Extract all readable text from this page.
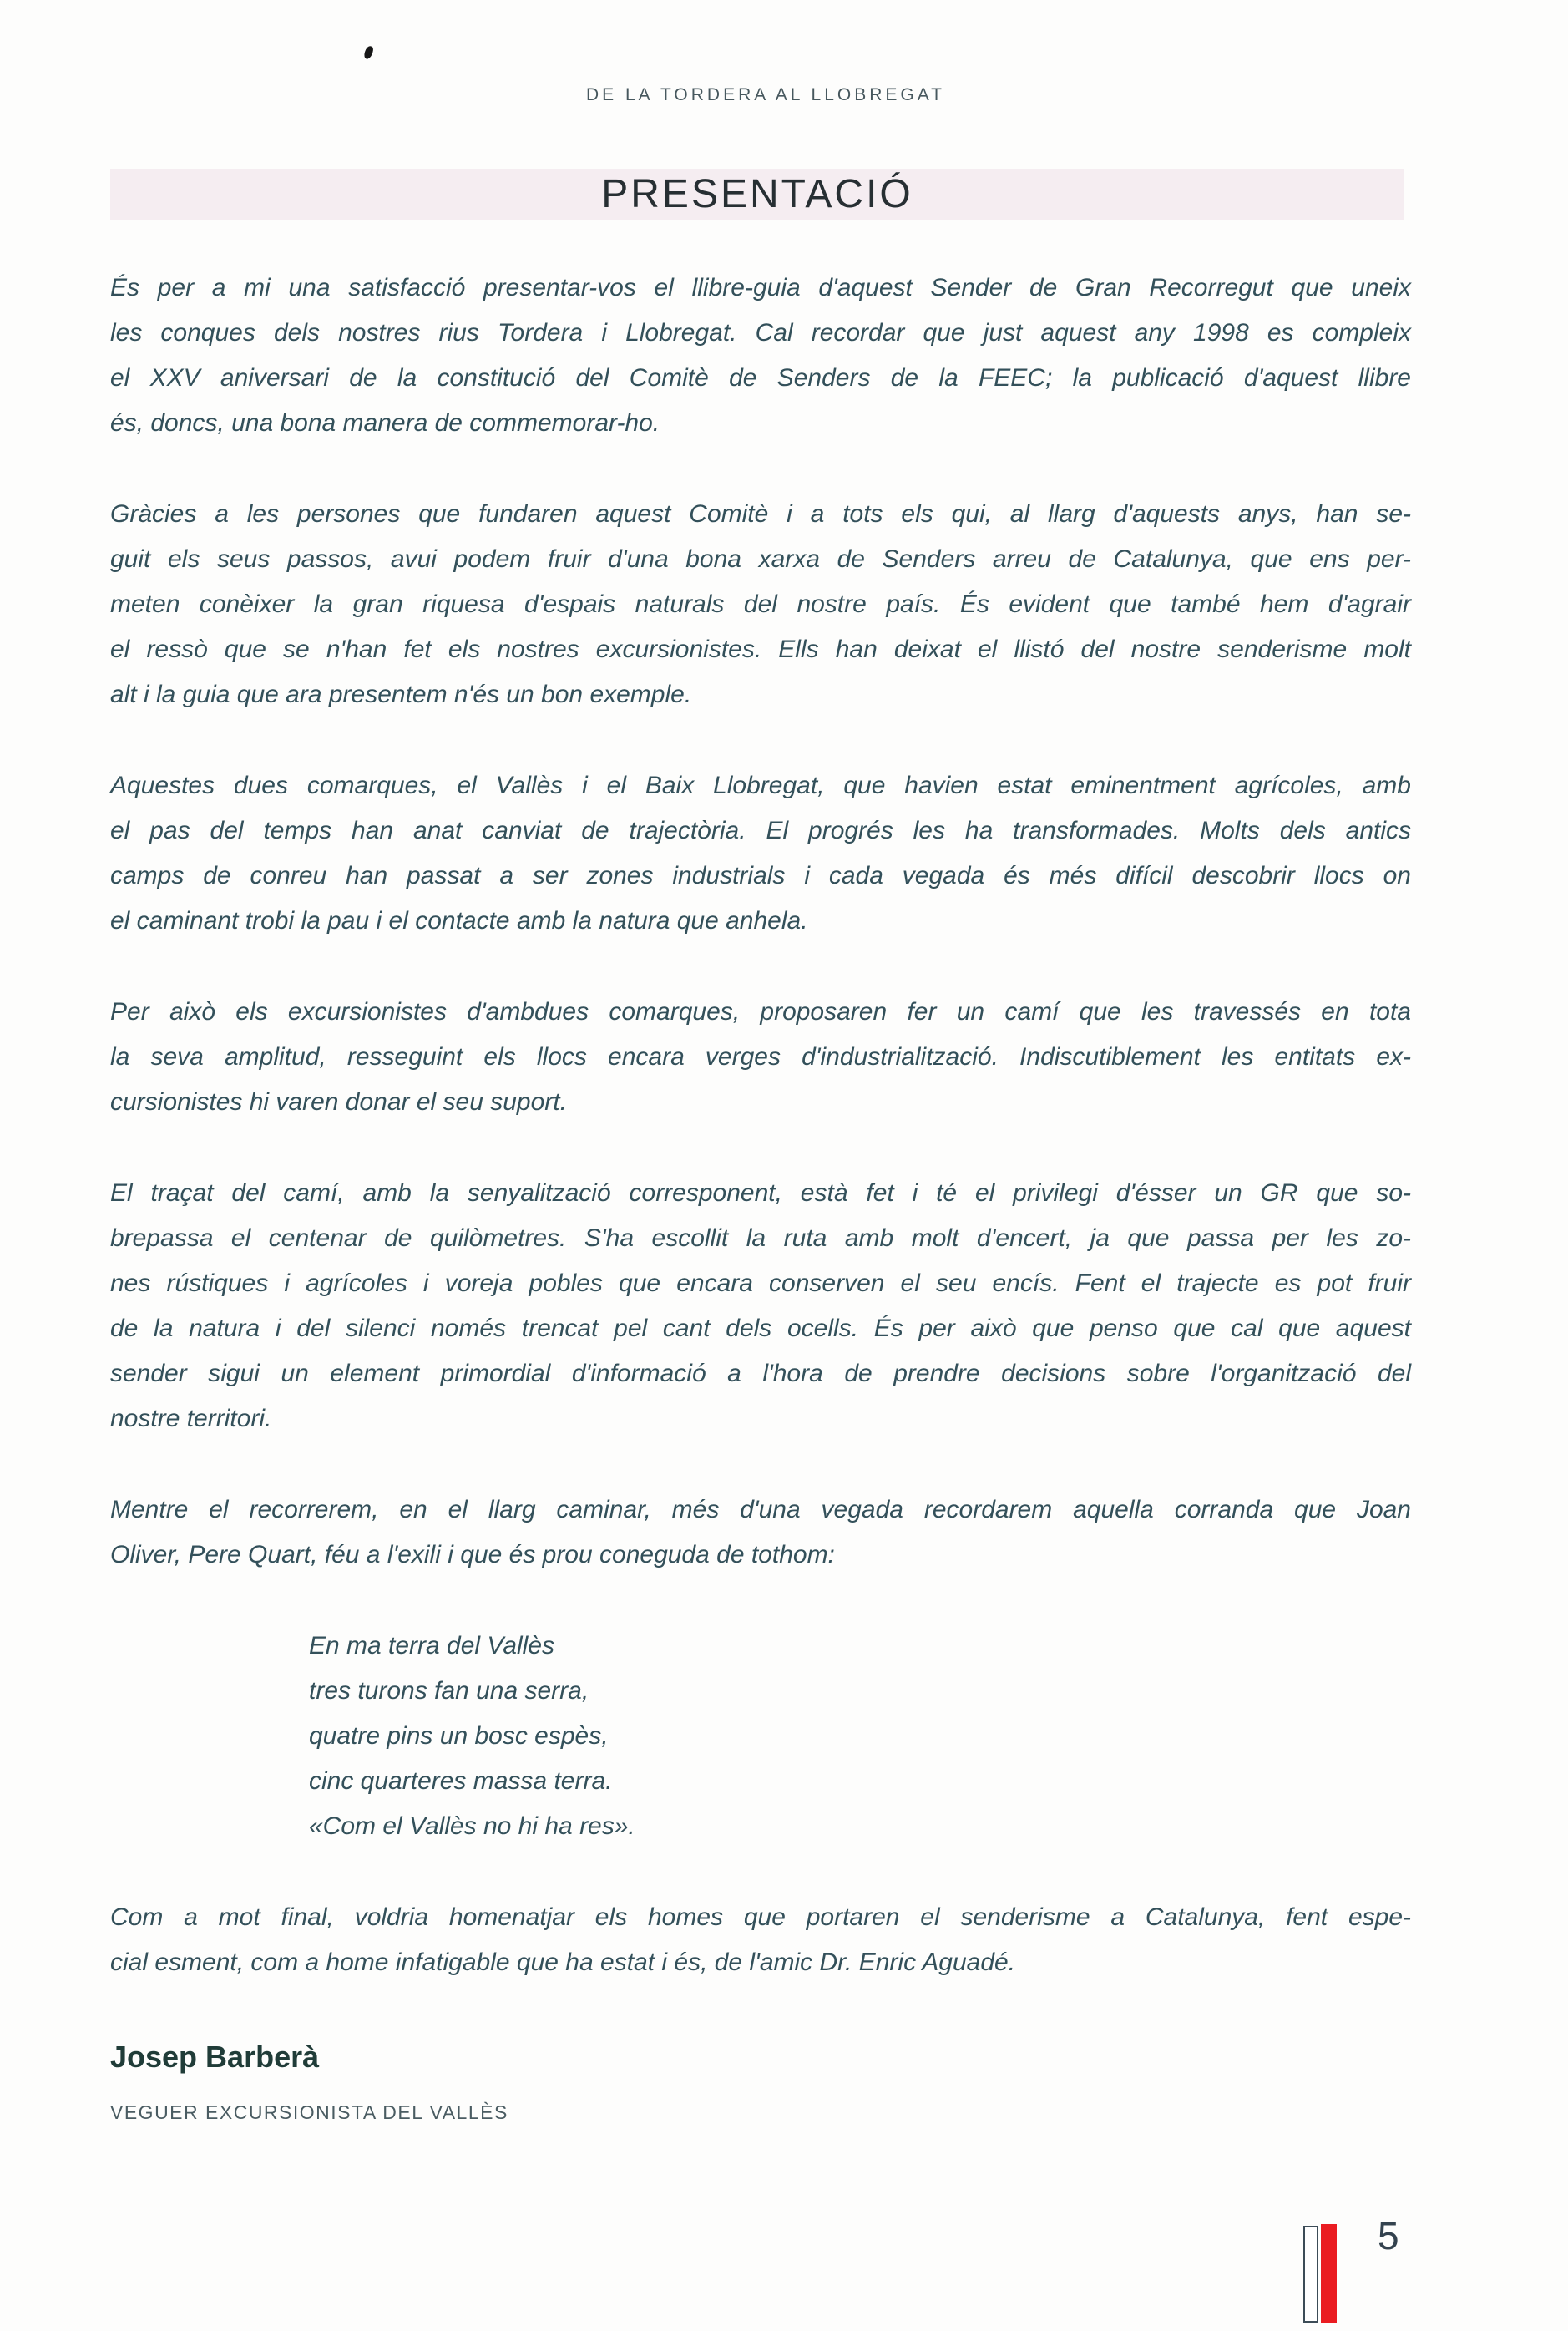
DE LA TORDERA AL LLOBREGAT
PRESENTACIÓ

És per a mi una satisfacció presentar-vos el llibre-guia d'aquest Sender de Gran Recorregut que uneix
les conques dels nostres rius Tordera i Llobregat. Cal recordar que just aquest any 1998 es compleix
el XXV aniversari de la constitució del Comitè de Senders de la FEEC; la publicació d'aquest llibre
és, doncs, una bona manera de commemorar-ho.

Gràcies a les persones que fundaren aquest Comitè i a tots els qui, al llarg d'aquests anys, han se-
guit els seus passos, avui podem fruir d'una bona xarxa de Senders arreu de Catalunya, que ens per-
meten conèixer la gran riquesa d'espais naturals del nostre país. És evident que també hem d'agrair
el ressò que se n'han fet els nostres excursionistes. Ells han deixat el llistó del nostre senderisme molt
alt i la guia que ara presentem n'és un bon exemple.

Aquestes dues comarques, el Vallès i el Baix Llobregat, que havien estat eminentment agrícoles, amb
el pas del temps han anat canviat de trajectòria. El progrés les ha transformades. Molts dels antics
camps de conreu han passat a ser zones industrials i cada vegada és més difícil descobrir llocs on
el caminant trobi la pau i el contacte amb la natura que anhela.

Per això els excursionistes d'ambdues comarques, proposaren fer un camí que les travessés en tota
la seva amplitud, resseguint els llocs encara verges d'industrialització. Indiscutiblement les entitats ex-
cursionistes hi varen donar el seu suport.

El traçat del camí, amb la senyalització corresponent, està fet i té el privilegi d'ésser un GR que so-
brepassa el centenar de quilòmetres. S'ha escollit la ruta amb molt d'encert, ja que passa per les zo-
nes rústiques i agrícoles i voreja pobles que encara conserven el seu encís. Fent el trajecte es pot fruir
de la natura i del silenci només trencat pel cant dels ocells. És per això que penso que cal que aquest
sender sigui un element primordial d'informació a l'hora de prendre decisions sobre l'organització del
nostre territori.

Mentre el recorrerem, en el llarg caminar, més d'una vegada recordarem aquella corranda que Joan
Oliver, Pere Quart, féu a l'exili i que és prou coneguda de tothom:

En ma terra del Vallès
tres turons fan una serra,
quatre pins un bosc espès,
cinc quarteres massa terra.
«Com el Vallès no hi ha res».

Com a mot final, voldria homenatjar els homes que portaren el senderisme a Catalunya, fent espe-
cial esment, com a home infatigable que ha estat i és, de l'amic Dr. Enric Aguadé.

Josep Barberà
VEGUER EXCURSIONISTA DEL VALLÈS
5
